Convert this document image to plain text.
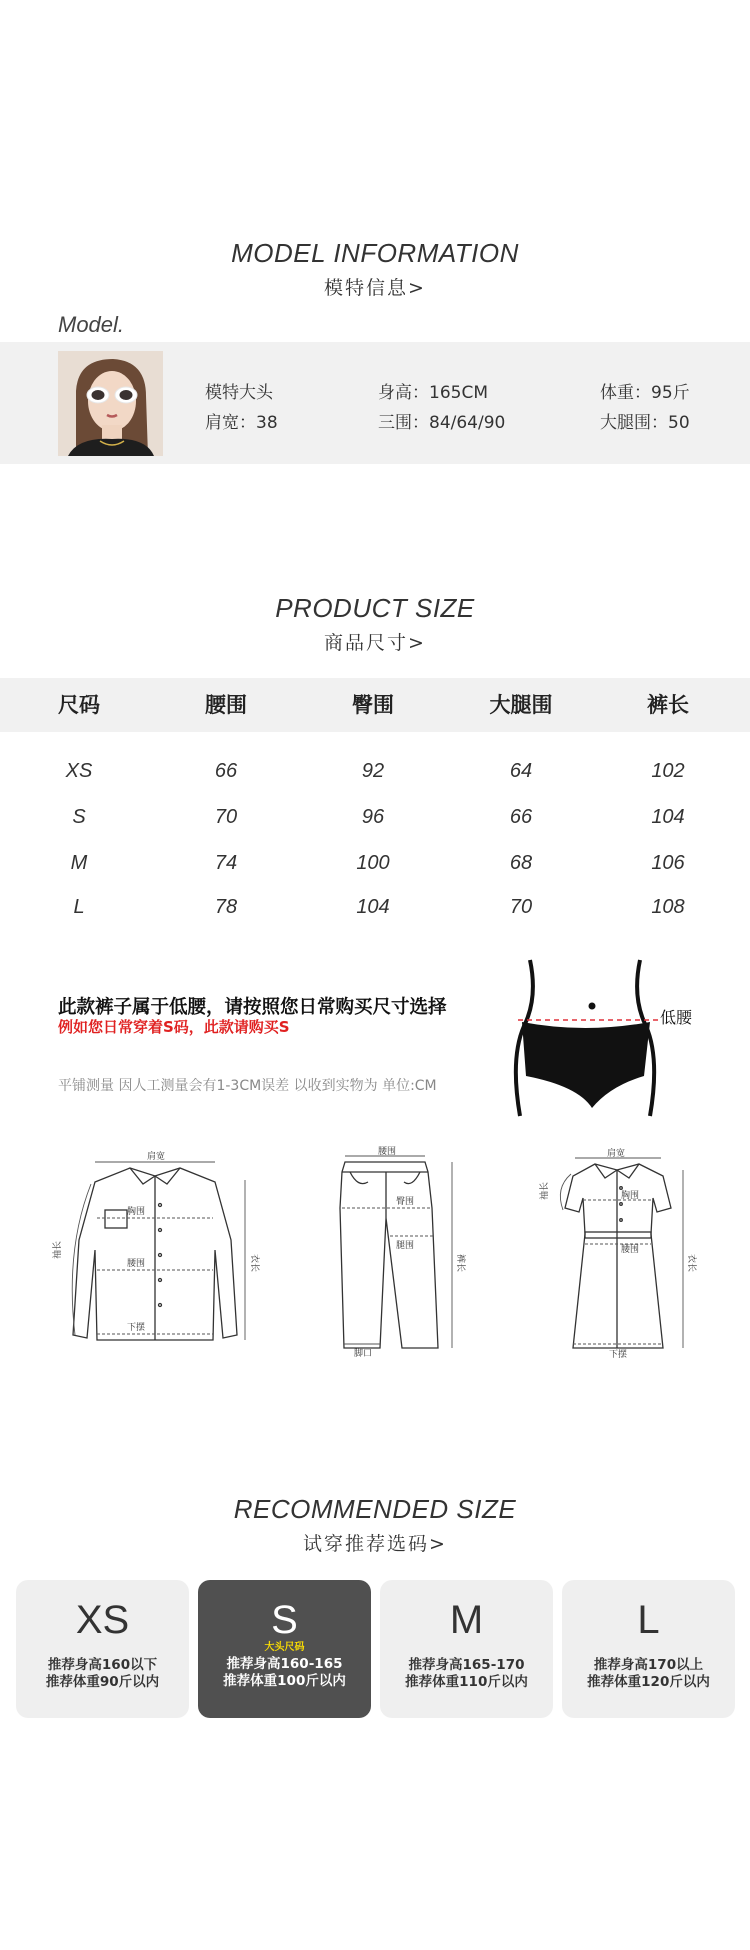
MODEL INFORMATION
模特信息>
Model.
模特大头	身高：165CM	体重：95斤
肩宽：38	三围：84/64/90	大腿围：50
PRODUCT SIZE
商品尺寸>
尺码	腰围	臀围	大腿围	裤长
XS	66	92	64	102
S	70	96	66	104
M	74	100	68	106
L	78	104	70	108
此款裤子属于低腰，请按照您日常购买尺寸选择
例如您日常穿着S码，此款请购买S
平铺测量 因人工测量会有1-3CM误差 以收到实物为 单位:CM
低腰
肩宽
胸围
腰围
下摆
袖长
衣长
腰围
臀围
腿围
脚口
裤长
肩宽
胸围
腰围
下摆
袖长
衣长
RECOMMENDED SIZE
试穿推荐选码>
XS
推荐身高160以下
推荐体重90斤以内
S
大头尺码
推荐身高160-165
推荐体重100斤以内
M
推荐身高165-170
推荐体重110斤以内
L
推荐身高170以上
推荐体重120斤以内
